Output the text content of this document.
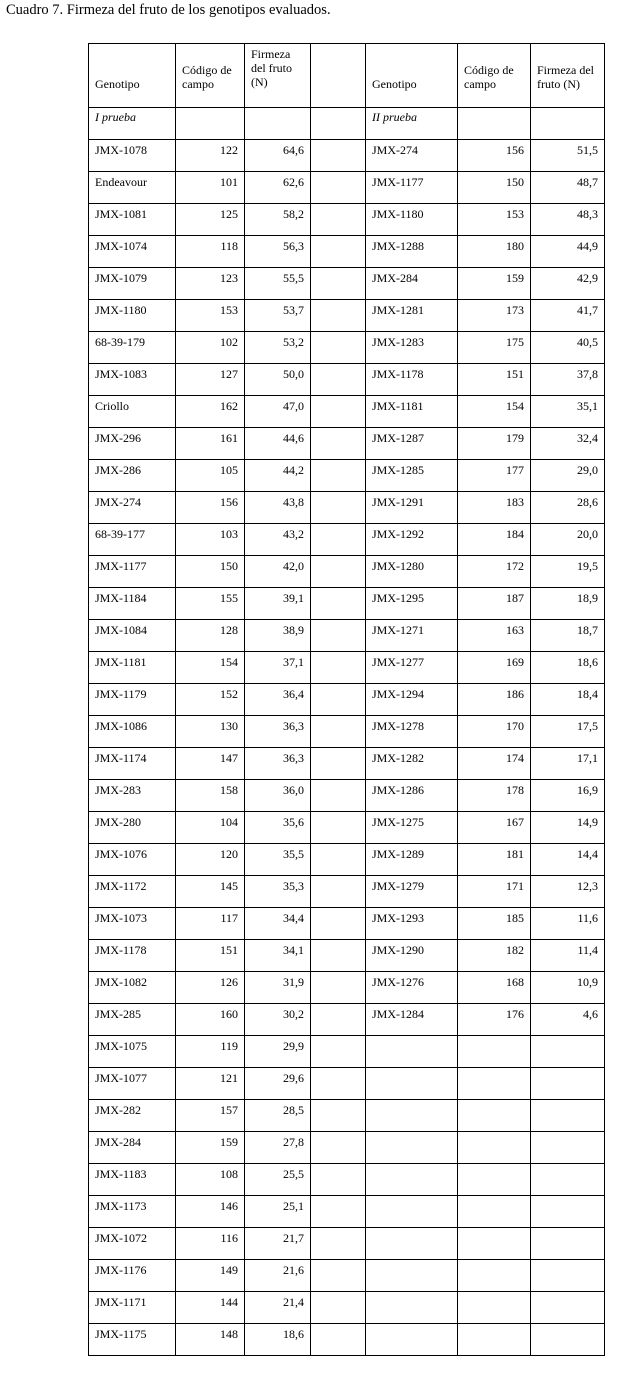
Cuadro 7. Firmeza del fruto de los genotipos evaluados.
Genotipo	Código de campo	Firmeza del fruto (N)		Genotipo	Código de campo	Firmeza del fruto (N)
I prueba				II prueba		
JMX-1078	122	64,6		JMX-274	156	51,5
Endeavour	101	62,6		JMX-1177	150	48,7
JMX-1081	125	58,2		JMX-1180	153	48,3
JMX-1074	118	56,3		JMX-1288	180	44,9
JMX-1079	123	55,5		JMX-284	159	42,9
JMX-1180	153	53,7		JMX-1281	173	41,7
68-39-179	102	53,2		JMX-1283	175	40,5
JMX-1083	127	50,0		JMX-1178	151	37,8
Criollo	162	47,0		JMX-1181	154	35,1
JMX-296	161	44,6		JMX-1287	179	32,4
JMX-286	105	44,2		JMX-1285	177	29,0
JMX-274	156	43,8		JMX-1291	183	28,6
68-39-177	103	43,2		JMX-1292	184	20,0
JMX-1177	150	42,0		JMX-1280	172	19,5
JMX-1184	155	39,1		JMX-1295	187	18,9
JMX-1084	128	38,9		JMX-1271	163	18,7
JMX-1181	154	37,1		JMX-1277	169	18,6
JMX-1179	152	36,4		JMX-1294	186	18,4
JMX-1086	130	36,3		JMX-1278	170	17,5
JMX-1174	147	36,3		JMX-1282	174	17,1
JMX-283	158	36,0		JMX-1286	178	16,9
JMX-280	104	35,6		JMX-1275	167	14,9
JMX-1076	120	35,5		JMX-1289	181	14,4
JMX-1172	145	35,3		JMX-1279	171	12,3
JMX-1073	117	34,4		JMX-1293	185	11,6
JMX-1178	151	34,1		JMX-1290	182	11,4
JMX-1082	126	31,9		JMX-1276	168	10,9
JMX-285	160	30,2		JMX-1284	176	4,6
JMX-1075	119	29,9				
JMX-1077	121	29,6				
JMX-282	157	28,5				
JMX-284	159	27,8				
JMX-1183	108	25,5				
JMX-1173	146	25,1				
JMX-1072	116	21,7				
JMX-1176	149	21,6				
JMX-1171	144	21,4				
JMX-1175	148	18,6				
